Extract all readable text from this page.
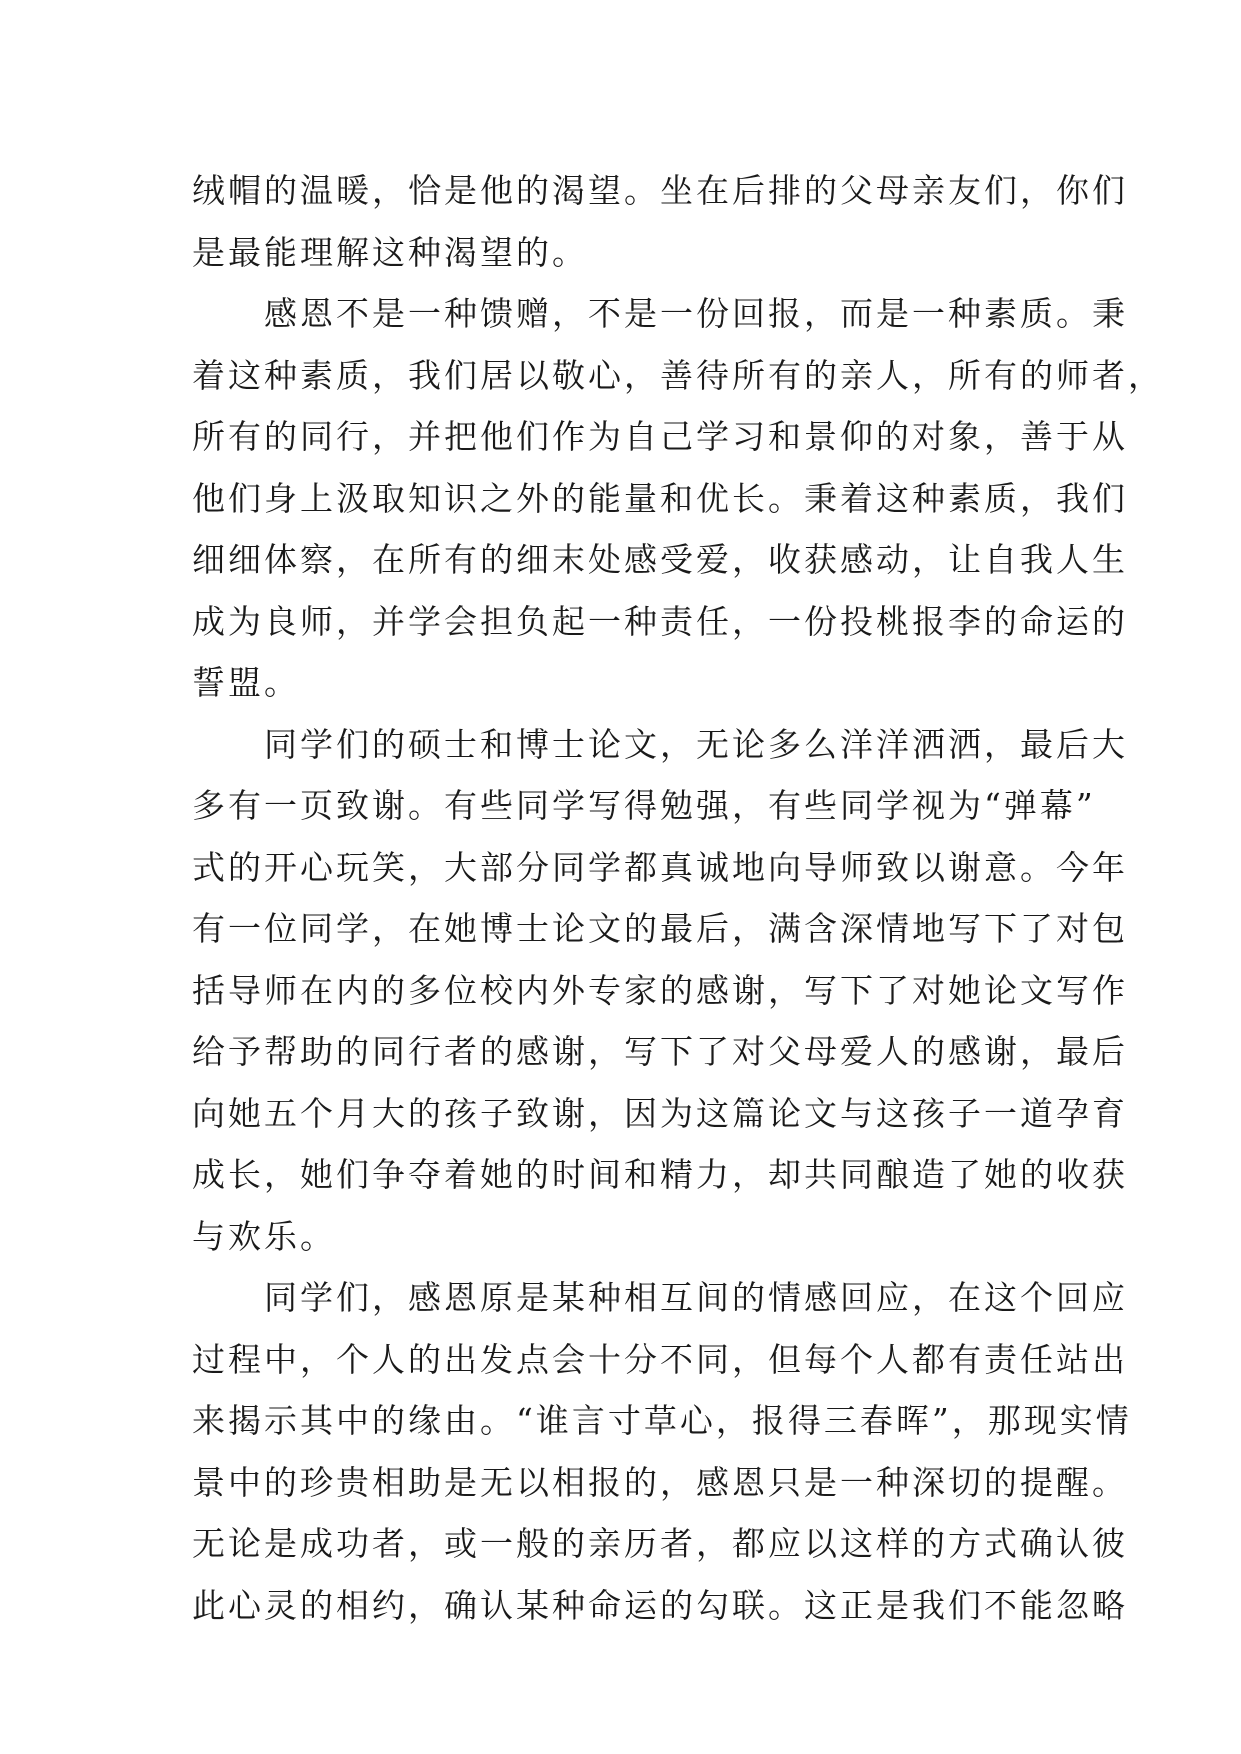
绒帽的温暖，恰是他的渴望。坐在后排的父母亲友们，你们
是最能理解这种渴望的。
感恩不是一种馈赠，不是一份回报，而是一种素质。秉
着这种素质，我们居以敬心，善待所有的亲人，所有的师者，
所有的同行，并把他们作为自己学习和景仰的对象，善于从
他们身上汲取知识之外的能量和优长。秉着这种素质，我们
细细体察，在所有的细末处感受爱，收获感动，让自我人生
成为良师，并学会担负起一种责任，一份投桃报李的命运的
誓盟。
同学们的硕士和博士论文，无论多么洋洋洒洒，最后大
多有一页致谢。有些同学写得勉强，有些同学视为“弹幕”
式的开心玩笑，大部分同学都真诚地向导师致以谢意。今年
有一位同学，在她博士论文的最后，满含深情地写下了对包
括导师在内的多位校内外专家的感谢，写下了对她论文写作
给予帮助的同行者的感谢，写下了对父母爱人的感谢，最后
向她五个月大的孩子致谢，因为这篇论文与这孩子一道孕育
成长，她们争夺着她的时间和精力，却共同酿造了她的收获
与欢乐。
同学们，感恩原是某种相互间的情感回应，在这个回应
过程中，个人的出发点会十分不同，但每个人都有责任站出
来揭示其中的缘由。“谁言寸草心，报得三春晖”，那现实情
景中的珍贵相助是无以相报的，感恩只是一种深切的提醒。
无论是成功者，或一般的亲历者，都应以这样的方式确认彼
此心灵的相约，确认某种命运的勾联。这正是我们不能忽略
